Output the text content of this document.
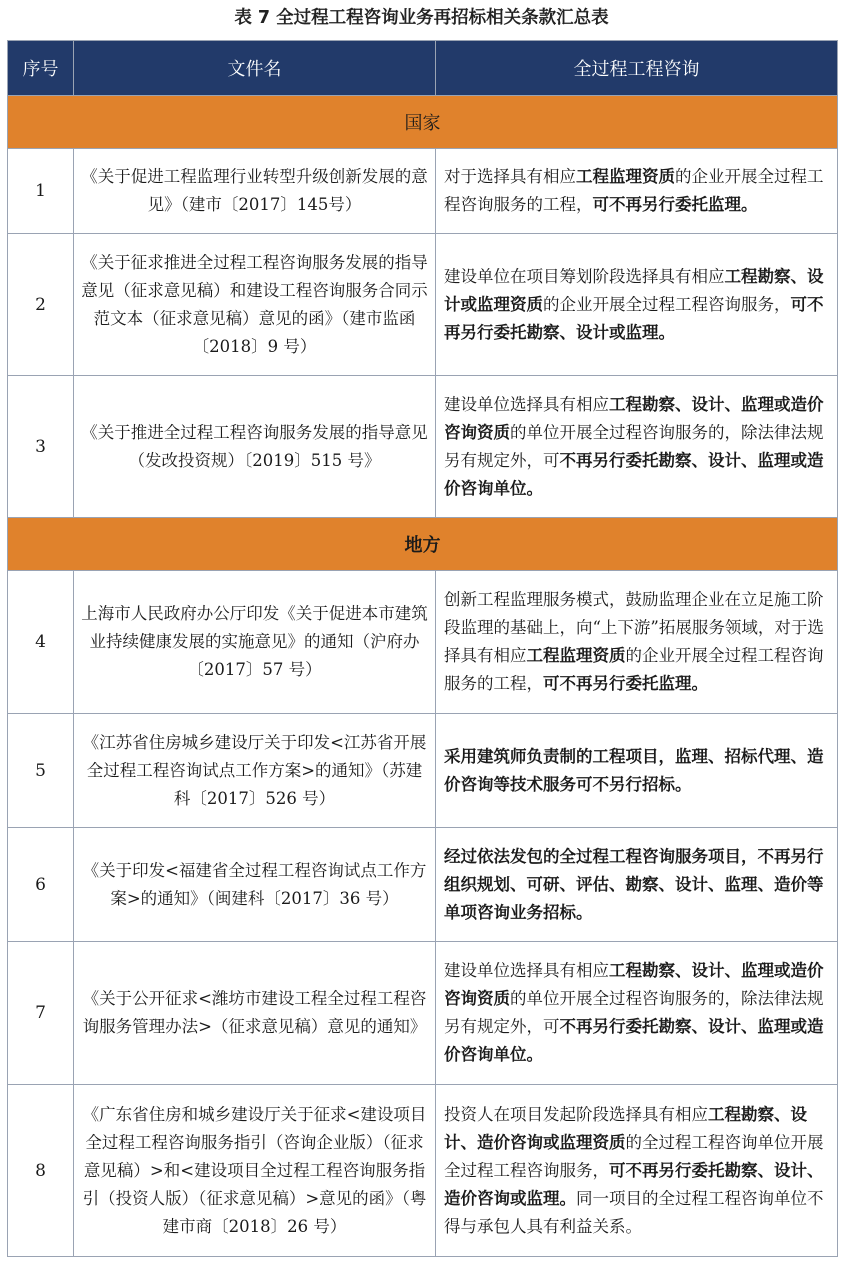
表 7 全过程工程咨询业务再招标相关条款汇总表
序号	文件名	全过程工程咨询
国家		
1	《关于促进工程监理行业转型升级创新发展的意见》（建市〔2017〕145号）	对于选择具有相应工程监理资质的企业开展全过程工程咨询服务的工程，可不再另行委托监理。
2	《关于征求推进全过程工程咨询服务发展的指导意见（征求意见稿）和建设工程咨询服务合同示范文本（征求意见稿）意见的函》（建市监函〔2018〕9 号）	建设单位在项目筹划阶段选择具有相应工程勘察、设计或监理资质的企业开展全过程工程咨询服务，可不再另行委托勘察、设计或监理。
3	《关于推进全过程工程咨询服务发展的指导意见（发改投资规）〔2019〕515 号》	建设单位选择具有相应工程勘察、设计、监理或造价咨询资质的单位开展全过程咨询服务的，除法律法规另有规定外，可不再另行委托勘察、设计、监理或造价咨询单位。
地方		
4	上海市人民政府办公厅印发《关于促进本市建筑业持续健康发展的实施意见》的通知（沪府办〔2017〕57 号）	创新工程监理服务模式，鼓励监理企业在立足施工阶段监理的基础上，向“上下游”拓展服务领域，对于选择具有相应工程监理资质的企业开展全过程工程咨询服务的工程，可不再另行委托监理。
5	《江苏省住房城乡建设厅关于印发<江苏省开展全过程工程咨询试点工作方案>的通知》（苏建科〔2017〕526 号）	采用建筑师负责制的工程项目，监理、招标代理、造价咨询等技术服务可不另行招标。
6	《关于印发<福建省全过程工程咨询试点工作方案>的通知》（闽建科〔2017〕36 号）	经过依法发包的全过程工程咨询服务项目，不再另行组织规划、可研、评估、勘察、设计、监理、造价等单项咨询业务招标。
7	《关于公开征求<潍坊市建设工程全过程工程咨询服务管理办法>（征求意见稿）意见的通知》	建设单位选择具有相应工程勘察、设计、监理或造价咨询资质的单位开展全过程咨询服务的，除法律法规另有规定外，可不再另行委托勘察、设计、监理或造价咨询单位。
8	《广东省住房和城乡建设厅关于征求<建设项目全过程工程咨询服务指引（咨询企业版）（征求意见稿）>和<建设项目全过程工程咨询服务指引（投资人版）（征求意见稿）>意见的函》（粤建市商〔2018〕26 号）	投资人在项目发起阶段选择具有相应工程勘察、设计、造价咨询或监理资质的全过程工程咨询单位开展全过程工程咨询服务，可不再另行委托勘察、设计、造价咨询或监理。同一项目的全过程工程咨询单位不得与承包人具有利益关系。
